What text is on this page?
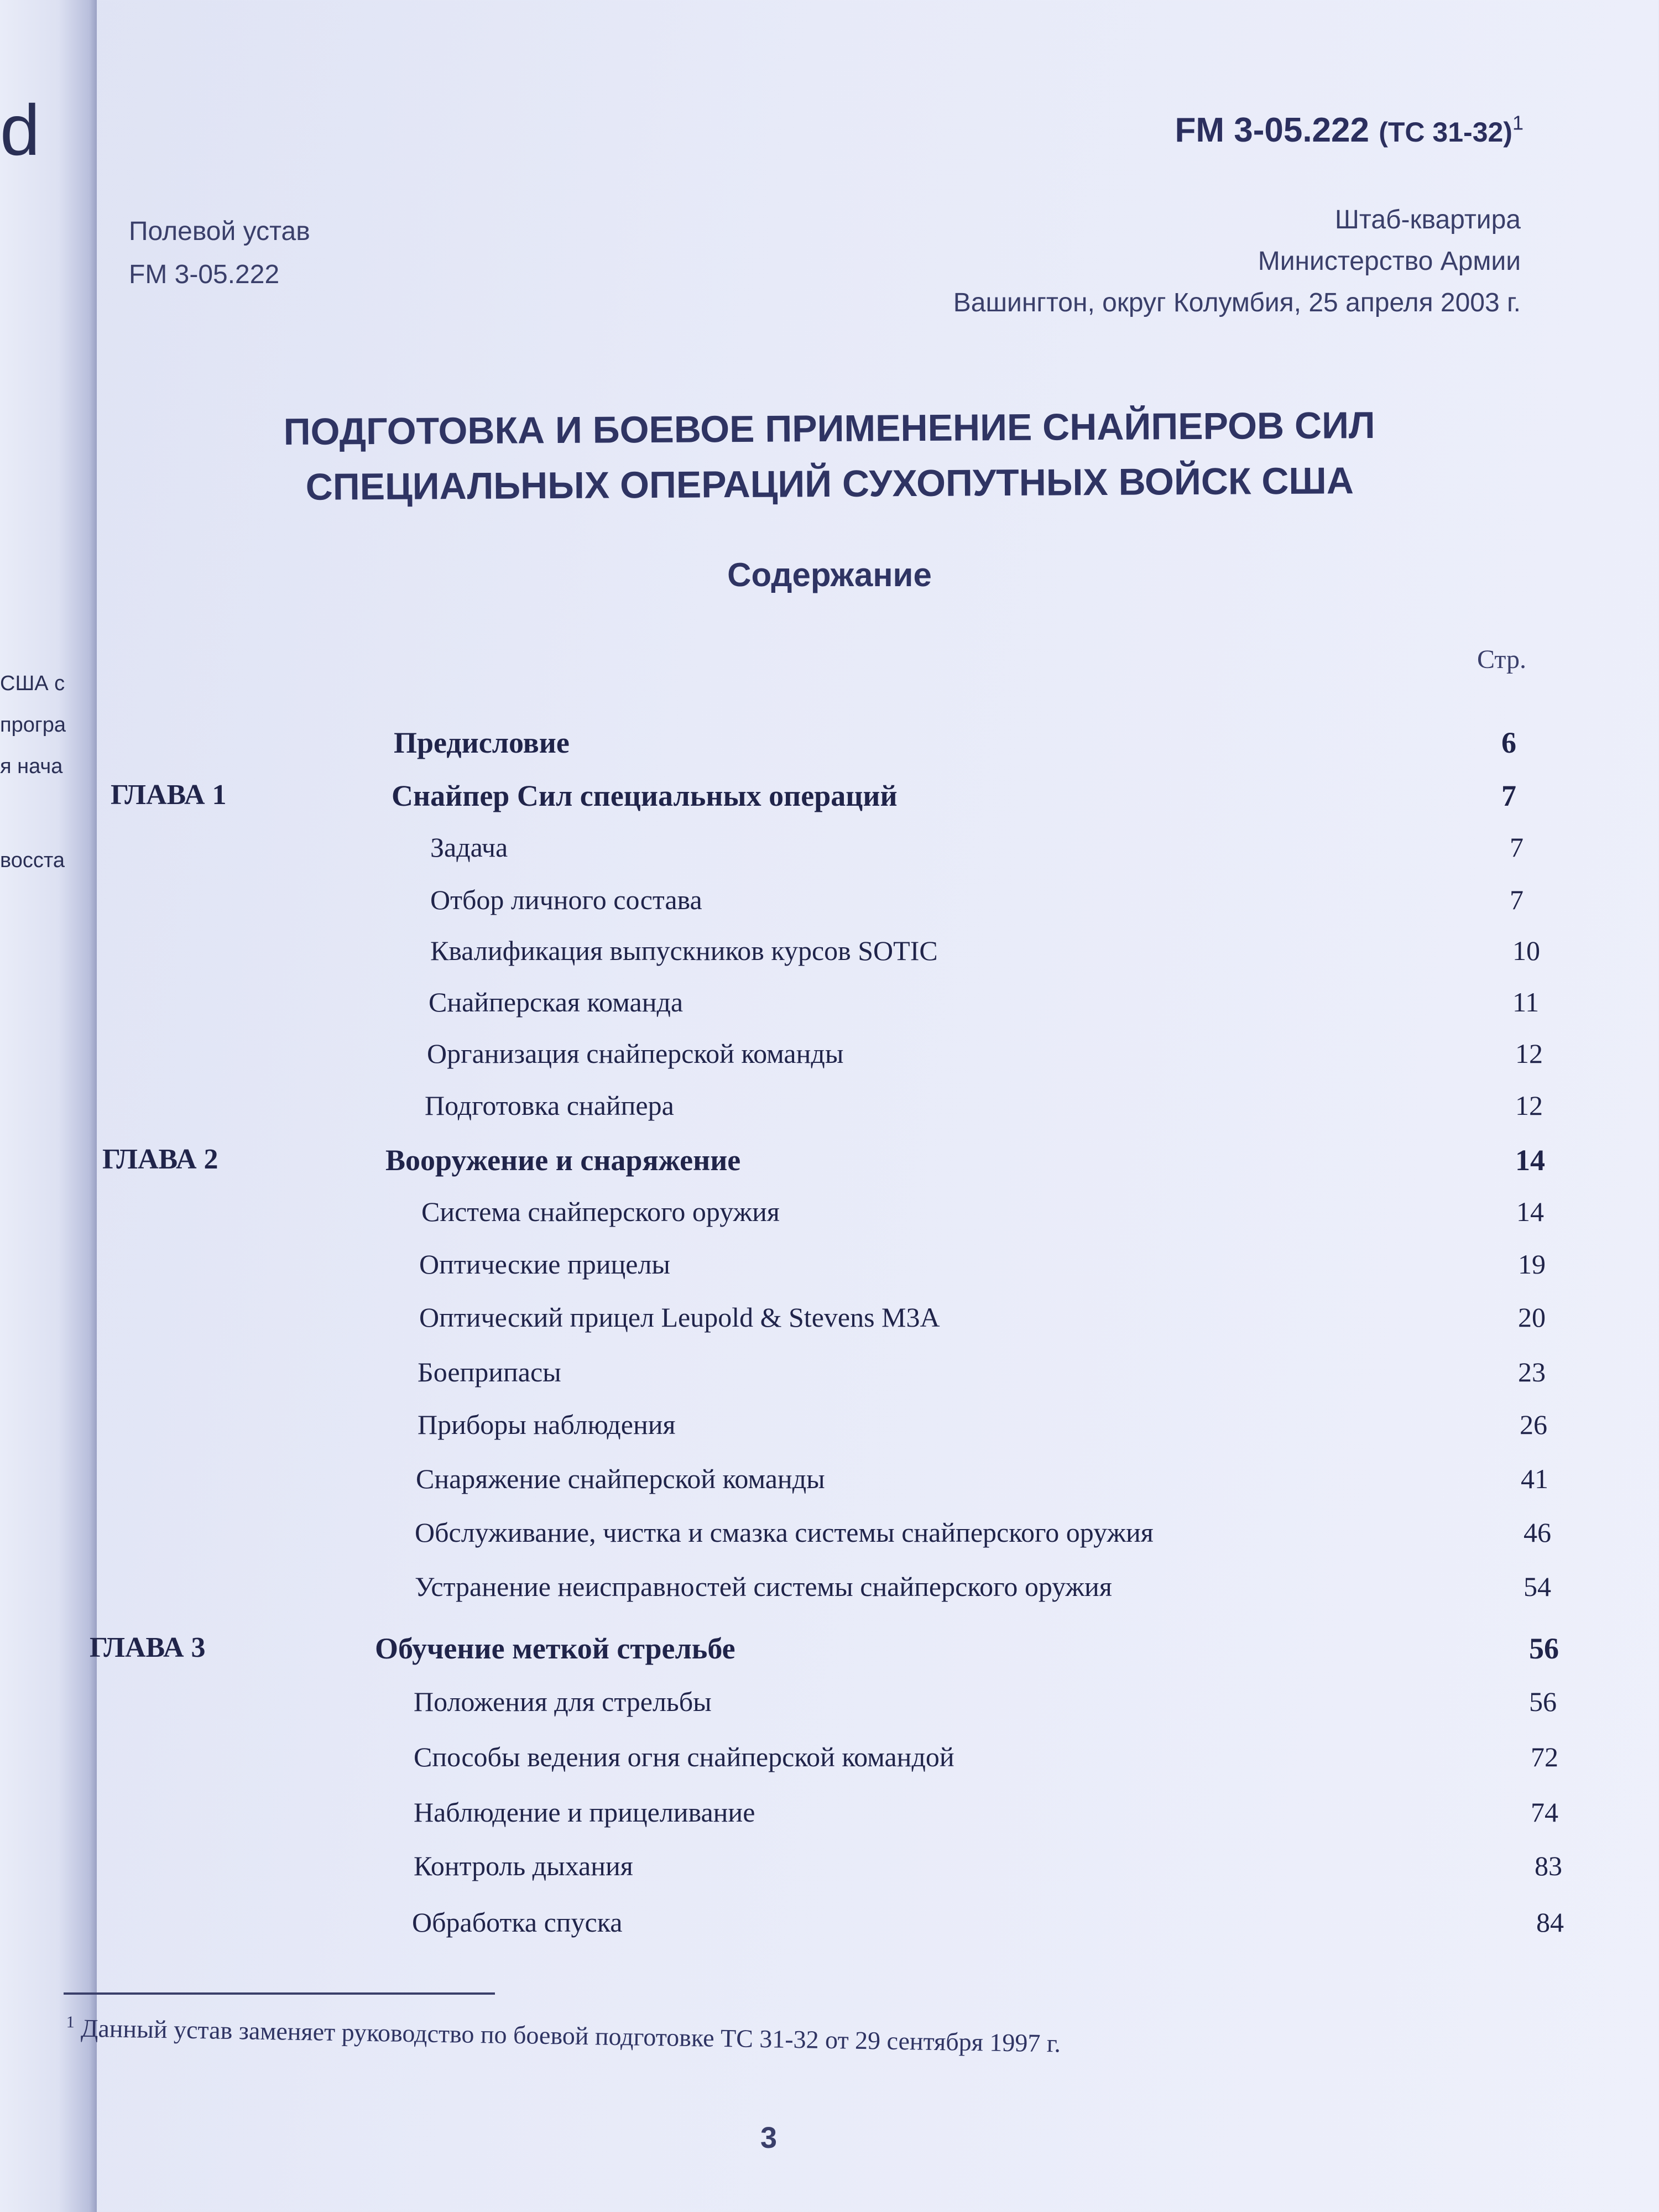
d
США с
програ
я нача
восста
FM 3-05.222 (TC 31-32)$^1$
Полевой устав
FM 3-05.222
Штаб-квартира
Министерство Армии
Вашингтон, округ Колумбия, 25 апреля 2003 г.
ПОДГОТОВКА И БОЕВОЕ ПРИМЕНЕНИЕ СНАЙПЕРОВ СИЛ
СПЕЦИАЛЬНЫХ ОПЕРАЦИЙ СУХОПУТНЫХ ВОЙСК США
Содержание
Стр.
Предисловие	6
ГЛАВА 1	Снайпер Сил специальных операций	7
Задача	7
Отбор личного состава	7
Квалификация выпускников курсов SOTIC	10
Снайперская команда	11
Организация снайперской команды	12
Подготовка снайпера	12
ГЛАВА 2	Вооружение и снаряжение	14
Система снайперского оружия	14
Оптические прицелы	19
Оптический прицел Leupold & Stevens M3A	20
Боеприпасы	23
Приборы наблюдения	26
Снаряжение снайперской команды	41
Обслуживание, чистка и смазка системы снайперского оружия	46
Устранение неисправностей системы снайперского оружия	54
ГЛАВА 3	Обучение меткой стрельбе	56
Положения для стрельбы	56
Способы ведения огня снайперской командой	72
Наблюдение и прицеливание	74
Контроль дыхания	83
Обработка спуска	84
$^1$ Данный устав заменяет руководство по боевой подготовке ТС 31-32 от 29 сентября 1997 г.
3
